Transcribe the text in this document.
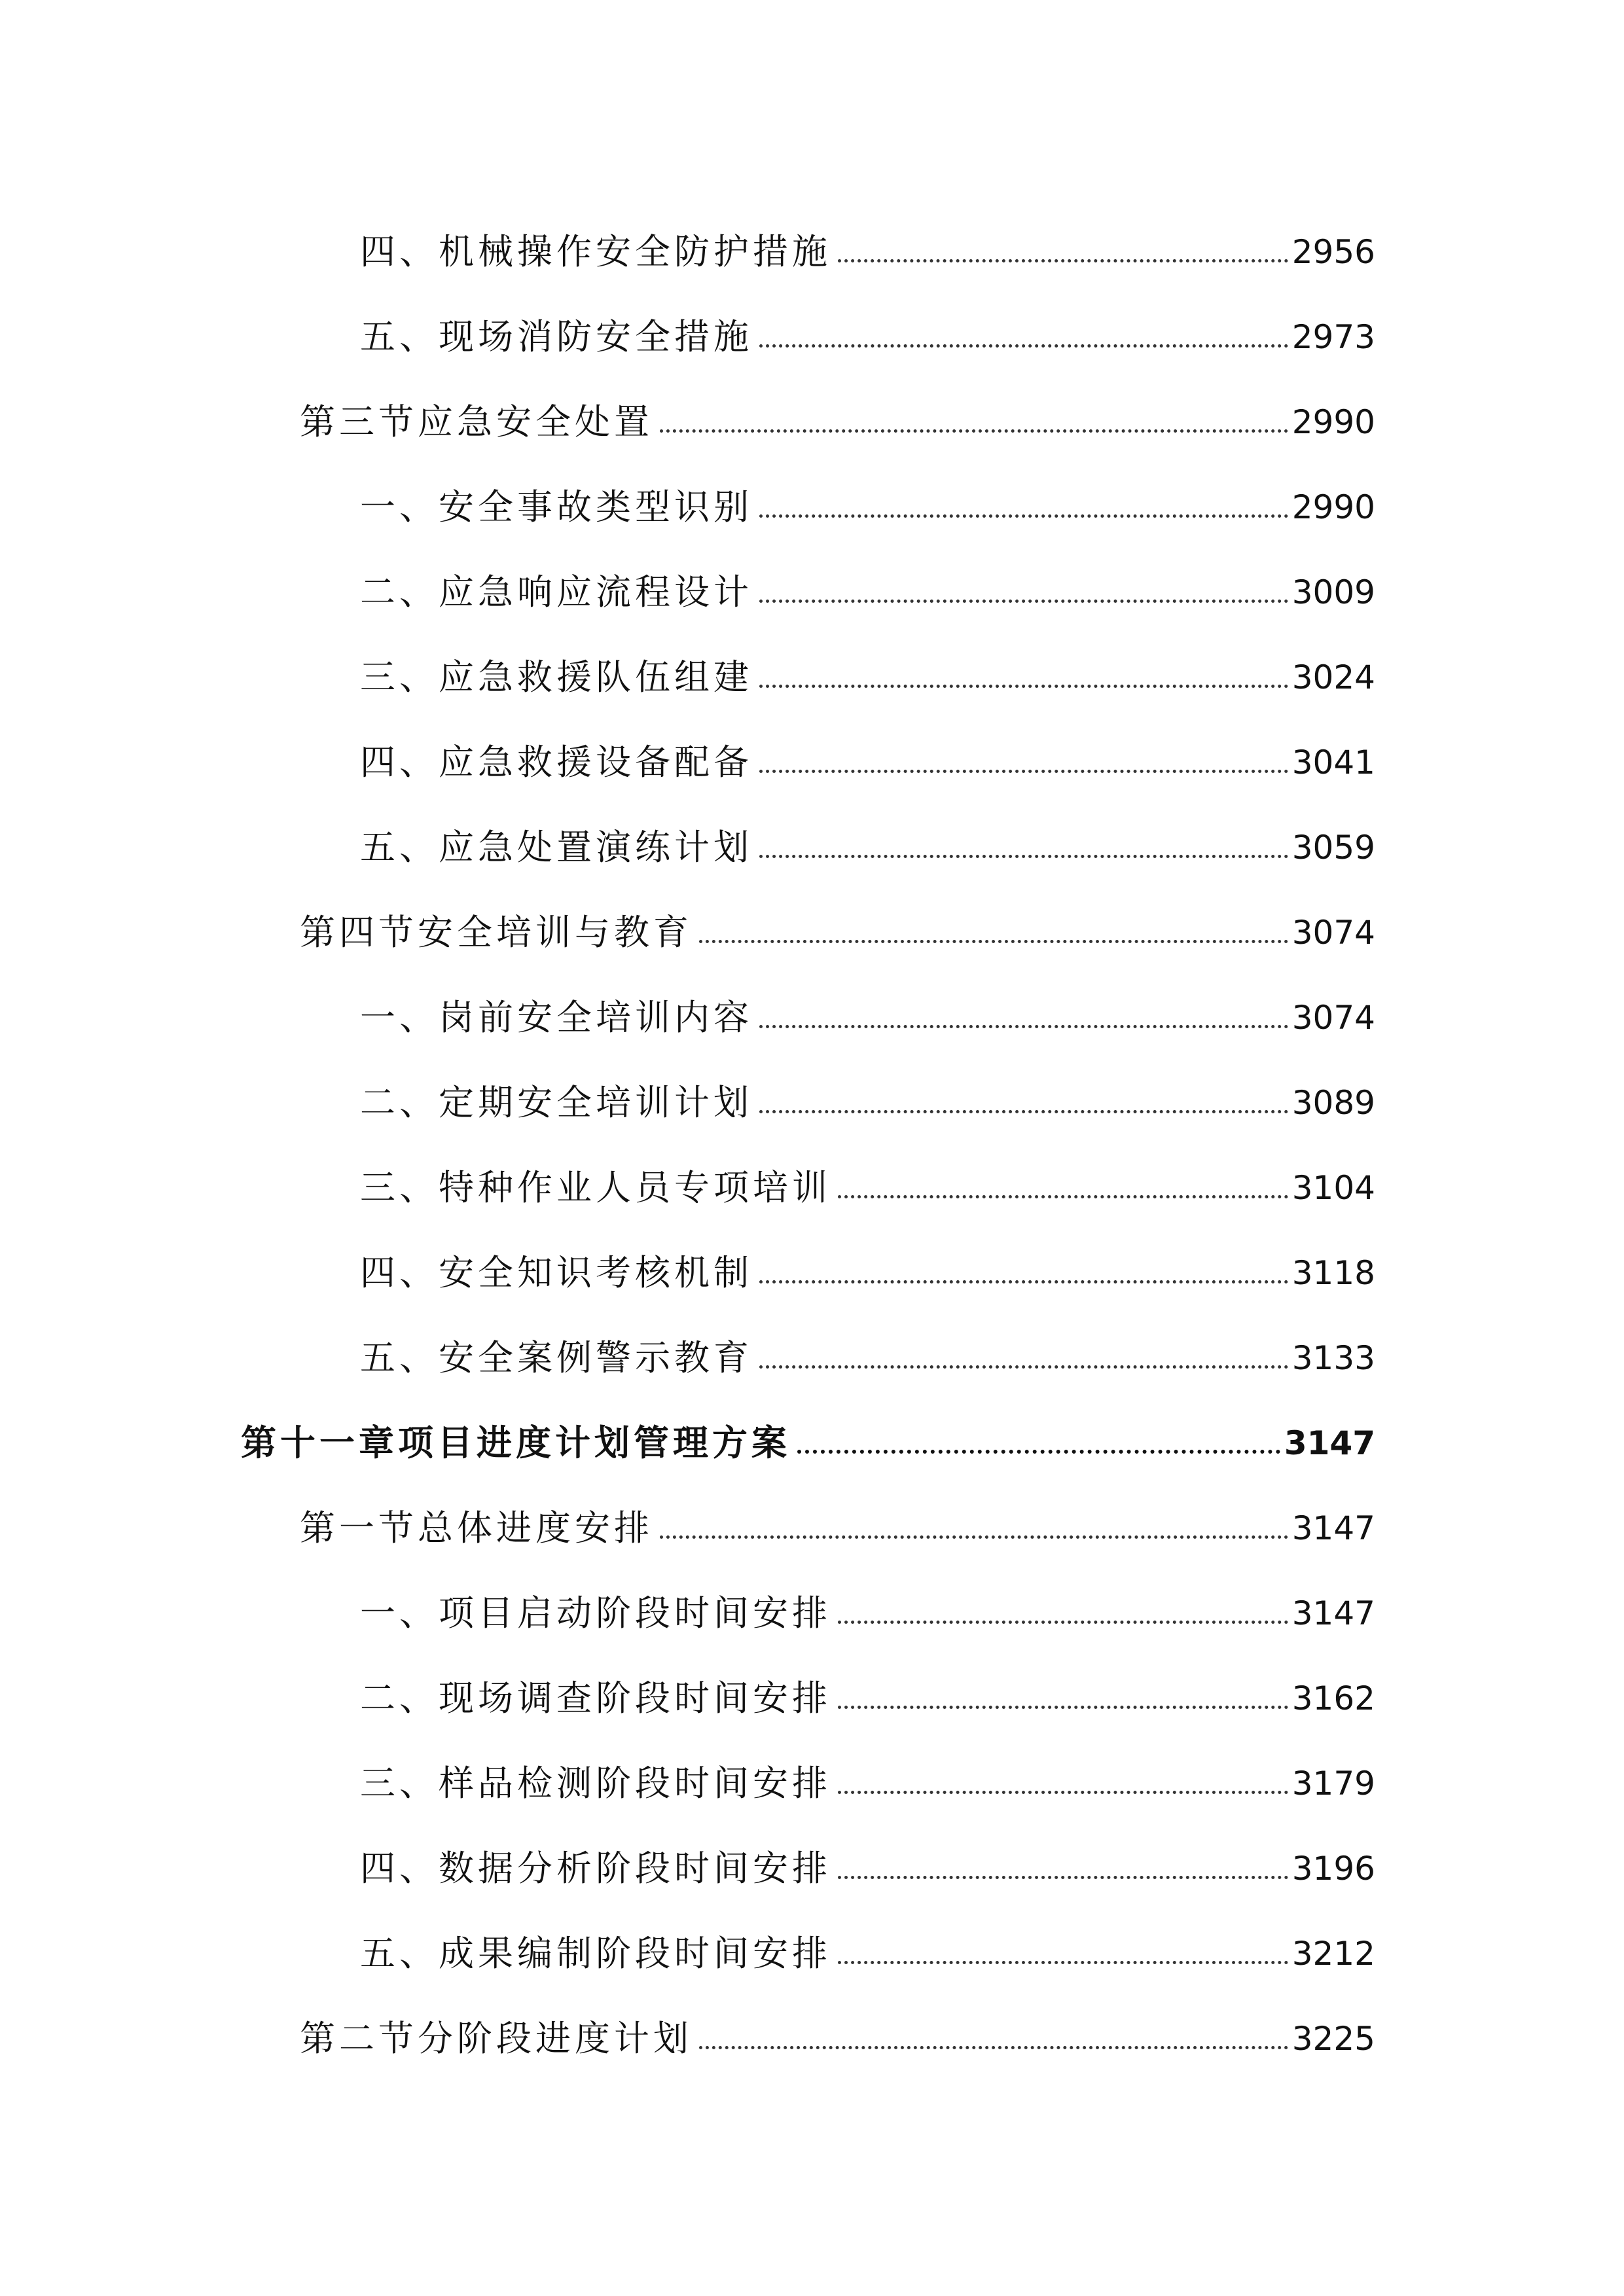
四、机械操作安全防护措施	2956
五、现场消防安全措施	2973
第三节应急安全处置	2990
一、安全事故类型识别	2990
二、应急响应流程设计	3009
三、应急救援队伍组建	3024
四、应急救援设备配备	3041
五、应急处置演练计划	3059
第四节安全培训与教育	3074
一、岗前安全培训内容	3074
二、定期安全培训计划	3089
三、特种作业人员专项培训	3104
四、安全知识考核机制	3118
五、安全案例警示教育	3133
第十一章项目进度计划管理方案	3147
第一节总体进度安排	3147
一、项目启动阶段时间安排	3147
二、现场调查阶段时间安排	3162
三、样品检测阶段时间安排	3179
四、数据分析阶段时间安排	3196
五、成果编制阶段时间安排	3212
第二节分阶段进度计划	3225
